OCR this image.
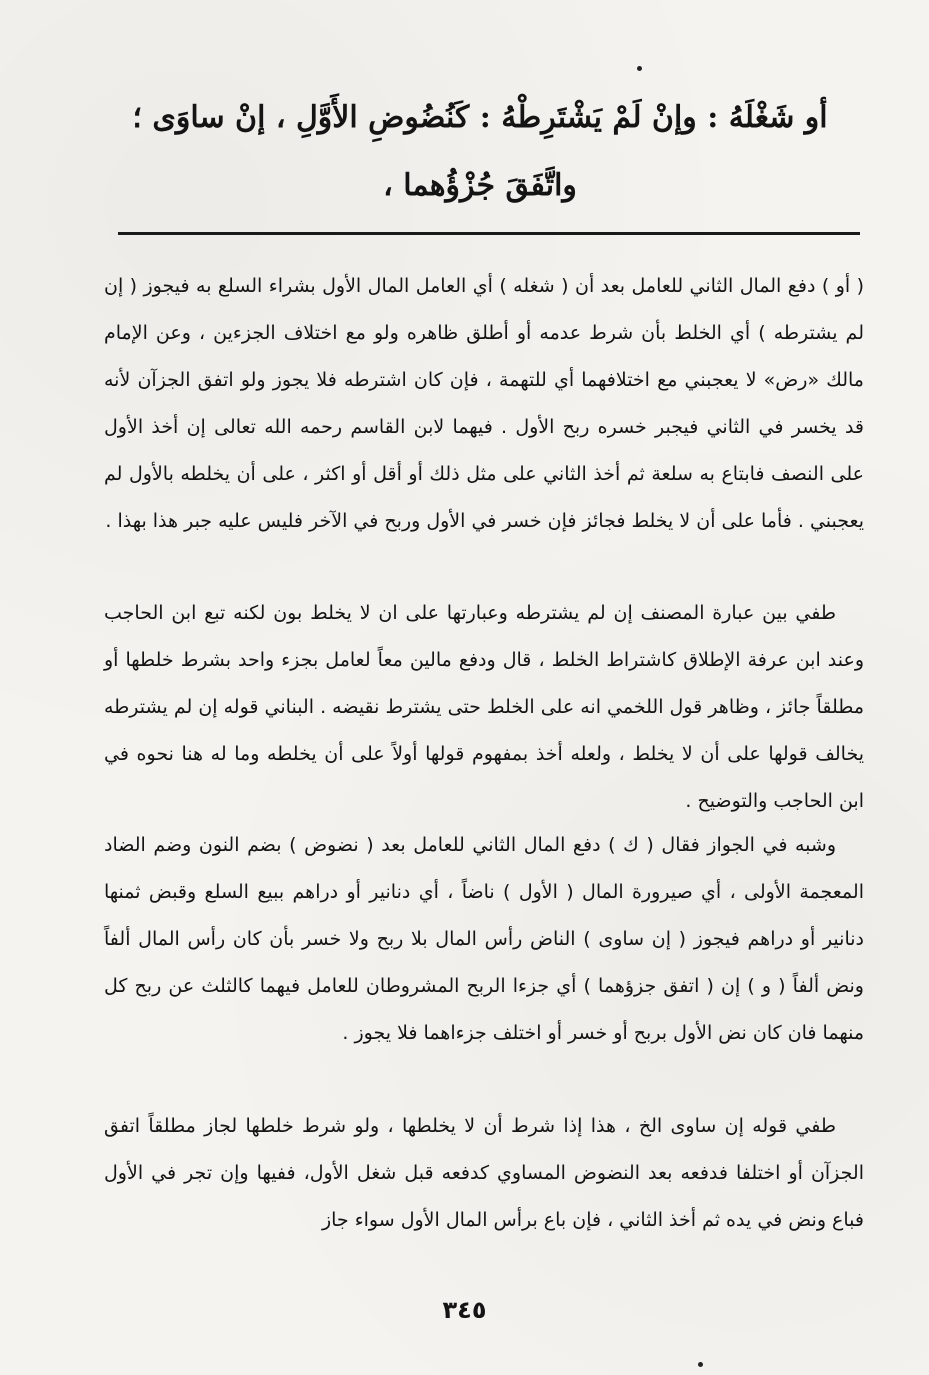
أو شَغْلَهُ : وإنْ لَمْ يَشْتَرِطْهُ : كَنُضُوضِ الأَوَّلِ ، إنْ ساوَى ؛
واتَّفَقَ جُزْؤُهما ،

( أو ) دفع المال الثاني للعامل بعد أن ( شغله ) أي العامل المال الأول بشراء السلع به فيجوز ( إن لم يشترطه ) أي الخلط بأن شرط عدمه أو أطلق ظاهره ولو مع اختلاف الجزءين ، وعن الإمام مالك «رض» لا يعجبني مع اختلافهما أي للتهمة ، فإن كان اشترطه فلا يجوز ولو اتفق الجزآن لأنه قد يخسر في الثاني فيجبر خسره ربح الأول . فيهما لابن القاسم رحمه الله تعالى إن أخذ الأول على النصف فابتاع به سلعة ثم أخذ الثاني على مثل ذلك أو أقل أو اكثر ، على أن يخلطه بالأول لم يعجبني . فأما على أن لا يخلط فجائز فإن خسر في الأول وربح في الآخر فليس عليه جبر هذا بهذا .

طفي بين عبارة المصنف إن لم يشترطه وعبارتها على ان لا يخلط بون لكنه تبع ابن الحاجب وعند ابن عرفة الإطلاق كاشتراط الخلط ، قال ودفع مالين معاً لعامل بجزء واحد بشرط خلطها أو مطلقاً جائز ، وظاهر قول اللخمي انه على الخلط حتى يشترط نقيضه . البناني قوله إن لم يشترطه يخالف قولها على أن لا يخلط ، ولعله أخذ بمفهوم قولها أولاً على أن يخلطه وما له هنا نحوه في ابن الحاجب والتوضيح .

وشبه في الجواز فقال ( ك ) دفع المال الثاني للعامل بعد ( نضوض ) بضم النون وضم الضاد المعجمة الأولى ، أي صيرورة المال ( الأول ) ناضاً ، أي دنانير أو دراهم ببيع السلع وقبض ثمنها دنانير أو دراهم فيجوز ( إن ساوى ) الناض رأس المال بلا ربح ولا خسر بأن كان رأس المال ألفاً ونض ألفاً ( و ) إن ( اتفق جزؤهما ) أي جزءا الربح المشروطان للعامل فيهما كالثلث عن ربح كل منهما فان كان نض الأول بربح أو خسر أو اختلف جزءاهما فلا يجوز .

طفي قوله إن ساوى الخ ، هذا إذا شرط أن لا يخلطها ، ولو شرط خلطها لجاز مطلقاً اتفق الجزآن أو اختلفا فدفعه بعد النضوض المساوي كدفعه قبل شغل الأول، ففيها وإن تجر في الأول فباع ونض في يده ثم أخذ الثاني ، فإن باع برأس المال الأول سواء جاز

٣٤٥
